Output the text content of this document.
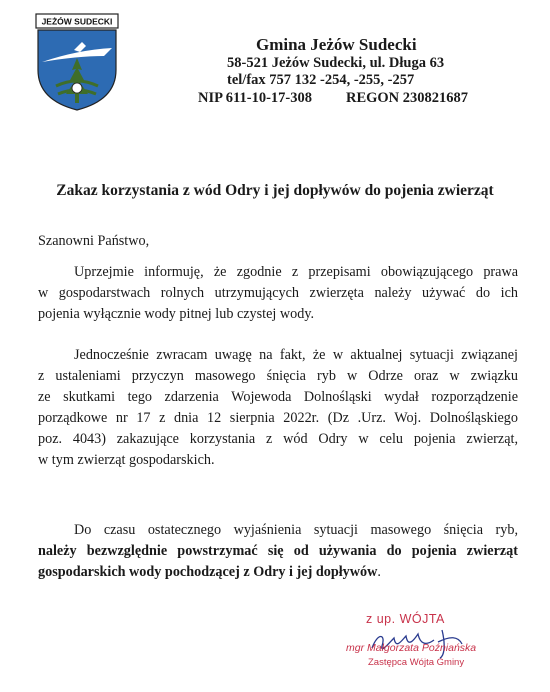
JEŻÓW SUDECKI
Gmina Jeżów Sudecki
58-521 Jeżów Sudecki, ul. Długa 63
tel/fax 757 132 -254, -255, -257
NIP 611-10-17-308 REGON 230821687
Zakaz korzystania z wód Odry i jej dopływów do pojenia zwierząt
Szanowni Państwo,
Uprzejmie informuję, że zgodnie z przepisami obowiązującego prawa
w gospodarstwach rolnych utrzymujących zwierzęta należy używać do ich
pojenia wyłącznie wody pitnej lub czystej wody.
Jednocześnie zwracam uwagę na fakt, że w aktualnej sytuacji związanej
z ustaleniami przyczyn masowego śnięcia ryb w Odrze oraz w związku
ze skutkami tego zdarzenia Wojewoda Dolnośląski wydał rozporządzenie
porządkowe nr 17 z dnia 12 sierpnia 2022r. (Dz .Urz. Woj. Dolnośląskiego
poz. 4043) zakazujące korzystania z wód Odry w celu pojenia zwierząt,
w tym zwierząt gospodarskich.
Do czasu ostatecznego wyjaśnienia sytuacji masowego śnięcia ryb,
należy bezwzględnie powstrzymać się od używania do pojenia zwierząt
gospodarskich wody pochodzącej z Odry i jej dopływów.
z up. WÓJTA
mgr Małgorzata Poźniańska
Zastępca Wójta Gminy
